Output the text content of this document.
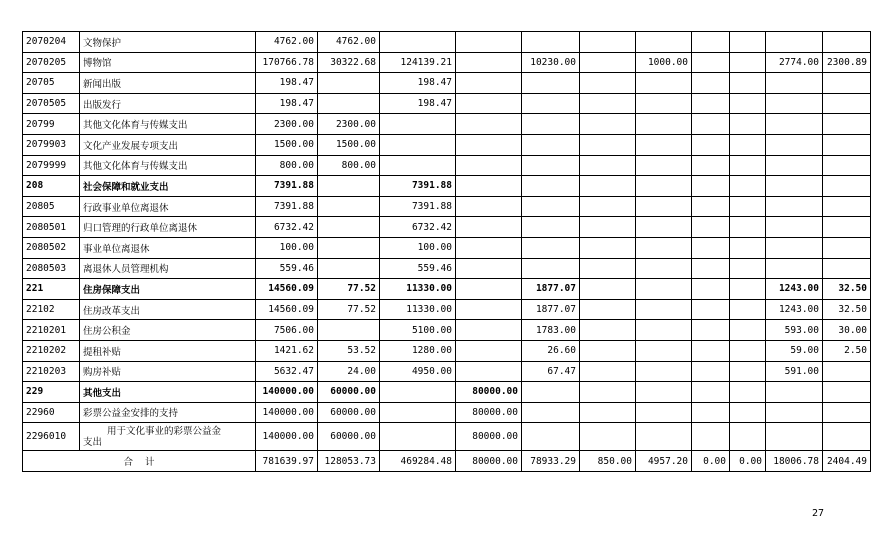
2070204	文物保护	4762.00	4762.00									
2070205	博物馆	170766.78	30322.68	124139.21		10230.00		1000.00			2774.00	2300.89
20705	新闻出版	198.47		198.47								
2070505	出版发行	198.47		198.47								
20799	其他文化体育与传媒支出	2300.00	2300.00									
2079903	文化产业发展专项支出	1500.00	1500.00									
2079999	其他文化体育与传媒支出	800.00	800.00									
208	社会保障和就业支出	7391.88		7391.88								
20805	行政事业单位离退休	7391.88		7391.88								
2080501	归口管理的行政单位离退休	6732.42		6732.42								
2080502	事业单位离退休	100.00		100.00								
2080503	离退休人员管理机构	559.46		559.46								
221	住房保障支出	14560.09	77.52	11330.00		1877.07					1243.00	32.50
22102	住房改革支出	14560.09	77.52	11330.00		1877.07					1243.00	32.50
2210201	住房公积金	7506.00		5100.00		1783.00					593.00	30.00
2210202	提租补贴	1421.62	53.52	1280.00		26.60					59.00	2.50
2210203	购房补贴	5632.47	24.00	4950.00		67.47					591.00	
229	其他支出	140000.00	60000.00		80000.00							
22960	彩票公益金安排的支持	140000.00	60000.00		80000.00							
2296010	用于文化事业的彩票公益金
支出	140000.00	60000.00		80000.00							
合    计		781639.97	128053.73	469284.48	80000.00	78933.29	850.00	4957.20	0.00	0.00	18006.78	2404.49
27
